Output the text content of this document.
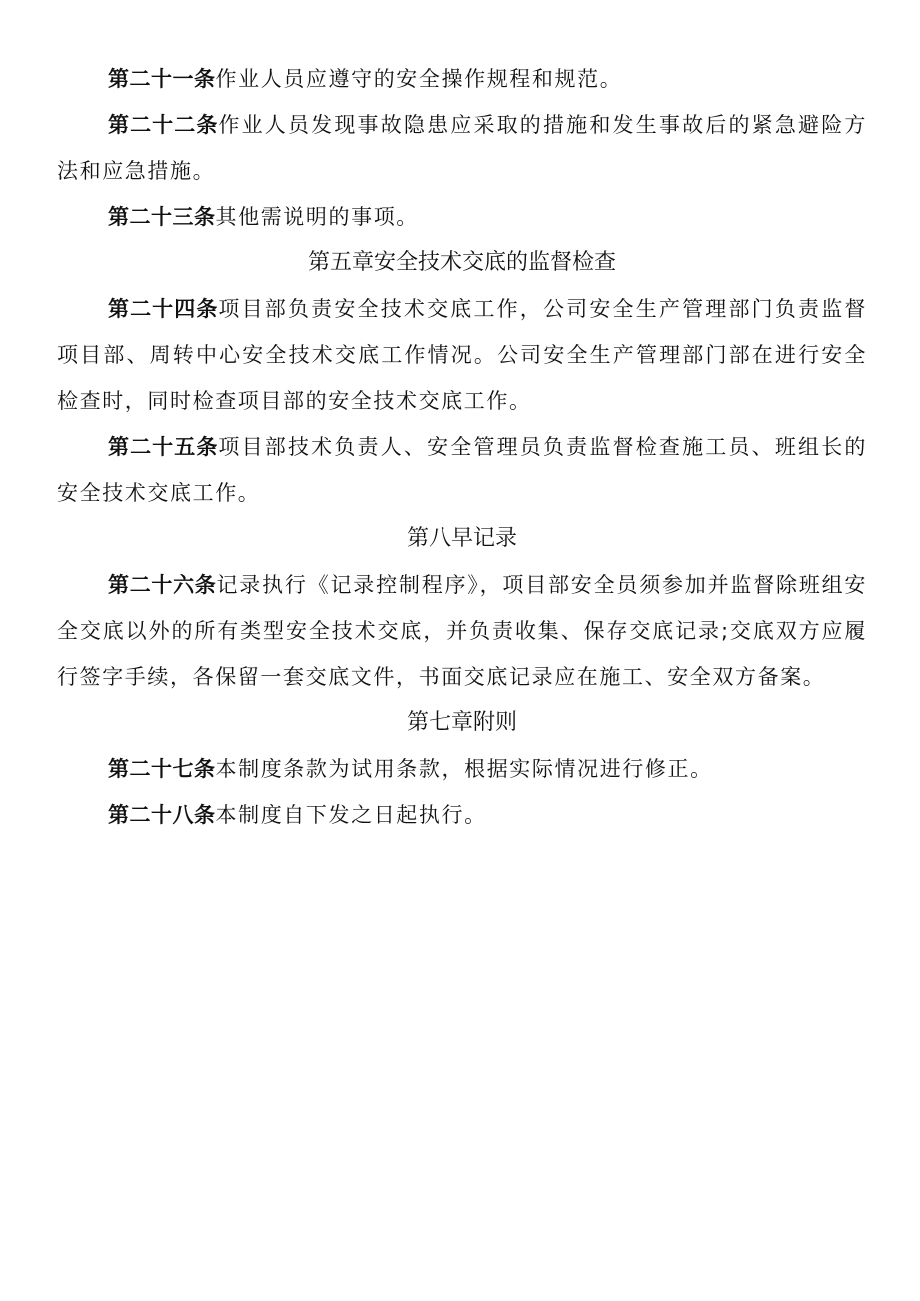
第二十一条作业人员应遵守的安全操作规程和规范。

第二十二条作业人员发现事故隐患应采取的措施和发生事故后的紧急避险方法和应急措施。

第二十三条其他需说明的事项。

第五章安全技术交底的监督检查

第二十四条项目部负责安全技术交底工作，公司安全生产管理部门负责监督项目部、周转中心安全技术交底工作情况。公司安全生产管理部门部在进行安全检查时，同时检查项目部的安全技术交底工作。

第二十五条项目部技术负责人、安全管理员负责监督检查施工员、班组长的安全技术交底工作。

第八早记录

第二十六条记录执行《记录控制程序》，项目部安全员须参加并监督除班组安全交底以外的所有类型安全技术交底，并负责收集、保存交底记录;交底双方应履行签字手续，各保留一套交底文件，书面交底记录应在施工、安全双方备案。

第七章附则

第二十七条本制度条款为试用条款，根据实际情况进行修正。

第二十八条本制度自下发之日起执行。
